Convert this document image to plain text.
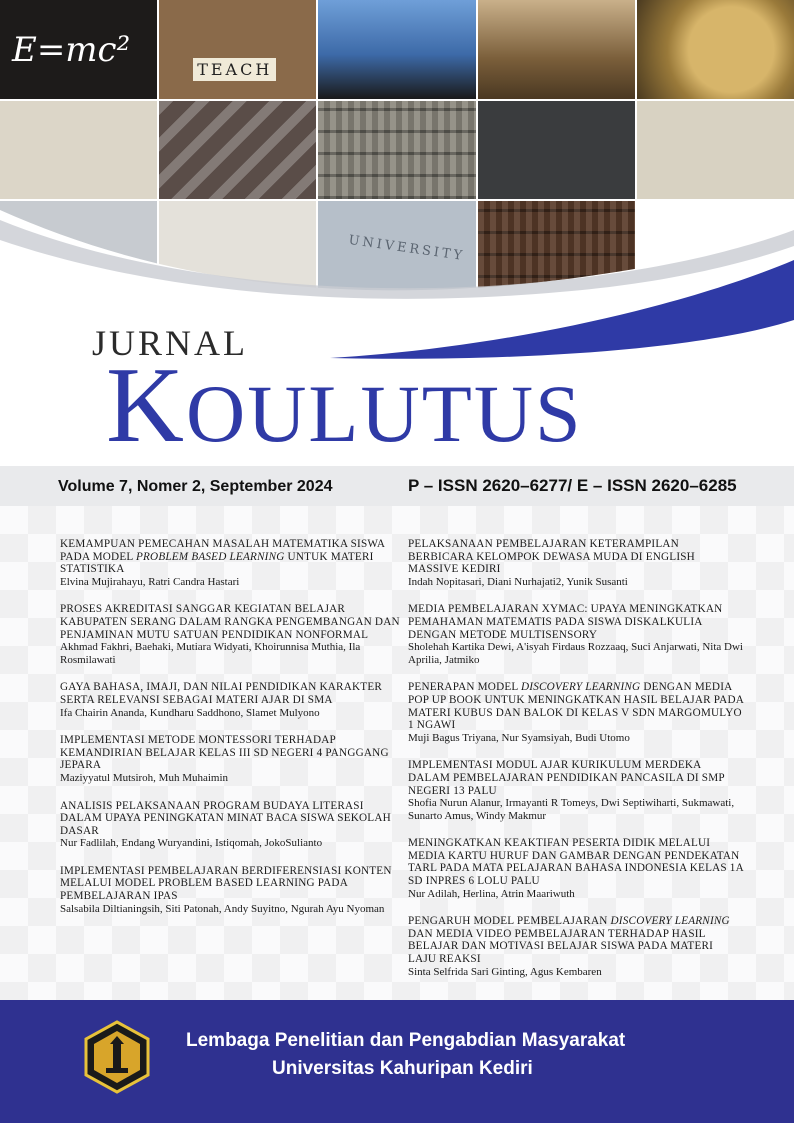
E=mc²	TEACH
UNIVERSITY
JURNAL
KOULUTUS
Volume 7, Nomer 2, September 2024	P – ISSN 2620–6277/ E – ISSN 2620–6285
KEMAMPUAN PEMECAHAN MASALAH MATEMATIKA SISWA PADA MODEL PROBLEM BASED LEARNING UNTUK MATERI STATISTIKA
Elvina Mujirahayu, Ratri Candra Hastari
PROSES AKREDITASI SANGGAR KEGIATAN BELAJAR KABUPATEN SERANG DALAM RANGKA PENGEMBANGAN DAN PENJAMINAN MUTU SATUAN PENDIDIKAN NONFORMAL
Akhmad Fakhri, Baehaki, Mutiara Widyati, Khoirunnisa Muthia, Ila Rosmilawati
GAYA BAHASA, IMAJI, DAN NILAI PENDIDIKAN KARAKTER SERTA RELEVANSI SEBAGAI MATERI AJAR DI SMA
Ifa Chairin Ananda, Kundharu Saddhono, Slamet Mulyono
IMPLEMENTASI METODE MONTESSORI TERHADAP KEMANDIRIAN BELAJAR KELAS III SD NEGERI 4 PANGGANG JEPARA
Maziyyatul Mutsiroh, Muh Muhaimin
ANALISIS PELAKSANAAN PROGRAM BUDAYA LITERASI DALAM UPAYA PENINGKATAN MINAT BACA SISWA SEKOLAH DASAR
Nur Fadlilah, Endang Wuryandini, Istiqomah, JokoSulianto
IMPLEMENTASI PEMBELAJARAN BERDIFERENSIASI KONTEN MELALUI MODEL PROBLEM BASED LEARNING PADA PEMBELAJARAN IPAS
Salsabila Diltianingsih, Siti Patonah, Andy Suyitno, Ngurah Ayu Nyoman
PELAKSANAAN PEMBELAJARAN KETERAMPILAN BERBICARA KELOMPOK DEWASA MUDA DI ENGLISH MASSIVE KEDIRI
Indah Nopitasari, Diani Nurhajati2, Yunik Susanti
MEDIA PEMBELAJARAN XYMAC: UPAYA MENINGKATKAN PEMAHAMAN MATEMATIS PADA SISWA DISKALKULIA DENGAN METODE MULTISENSORY
Sholehah Kartika Dewi, A'isyah Firdaus Rozzaaq, Suci Anjarwati, Nita Dwi Aprilia, Jatmiko
PENERAPAN MODEL DISCOVERY LEARNING DENGAN MEDIA POP UP BOOK UNTUK MENINGKATKAN HASIL BELAJAR PADA MATERI KUBUS DAN BALOK DI KELAS V SDN MARGOMULYO 1 NGAWI
Muji Bagus Triyana, Nur Syamsiyah, Budi Utomo
IMPLEMENTASI MODUL AJAR KURIKULUM MERDEKA DALAM PEMBELAJARAN PENDIDIKAN PANCASILA DI SMP NEGERI 13 PALU
Shofia Nurun Alanur, Irmayanti R Tomeys, Dwi Septiwiharti, Sukmawati, Sunarto Amus, Windy Makmur
MENINGKATKAN KEAKTIFAN PESERTA DIDIK MELALUI MEDIA KARTU HURUF DAN GAMBAR DENGAN PENDEKATAN TARL PADA MATA PELAJARAN BAHASA INDONESIA KELAS 1A SD INPRES 6 LOLU PALU
Nur Adilah, Herlina, Atrin Maariwuth
PENGARUH MODEL PEMBELAJARAN DISCOVERY LEARNING DAN MEDIA VIDEO PEMBELAJARAN TERHADAP HASIL BELAJAR DAN MOTIVASI BELAJAR SISWA PADA MATERI LAJU REAKSI
Sinta Selfrida Sari Ginting, Agus Kembaren
Lembaga Penelitian dan Pengabdian Masyarakat
Universitas Kahuripan Kediri
